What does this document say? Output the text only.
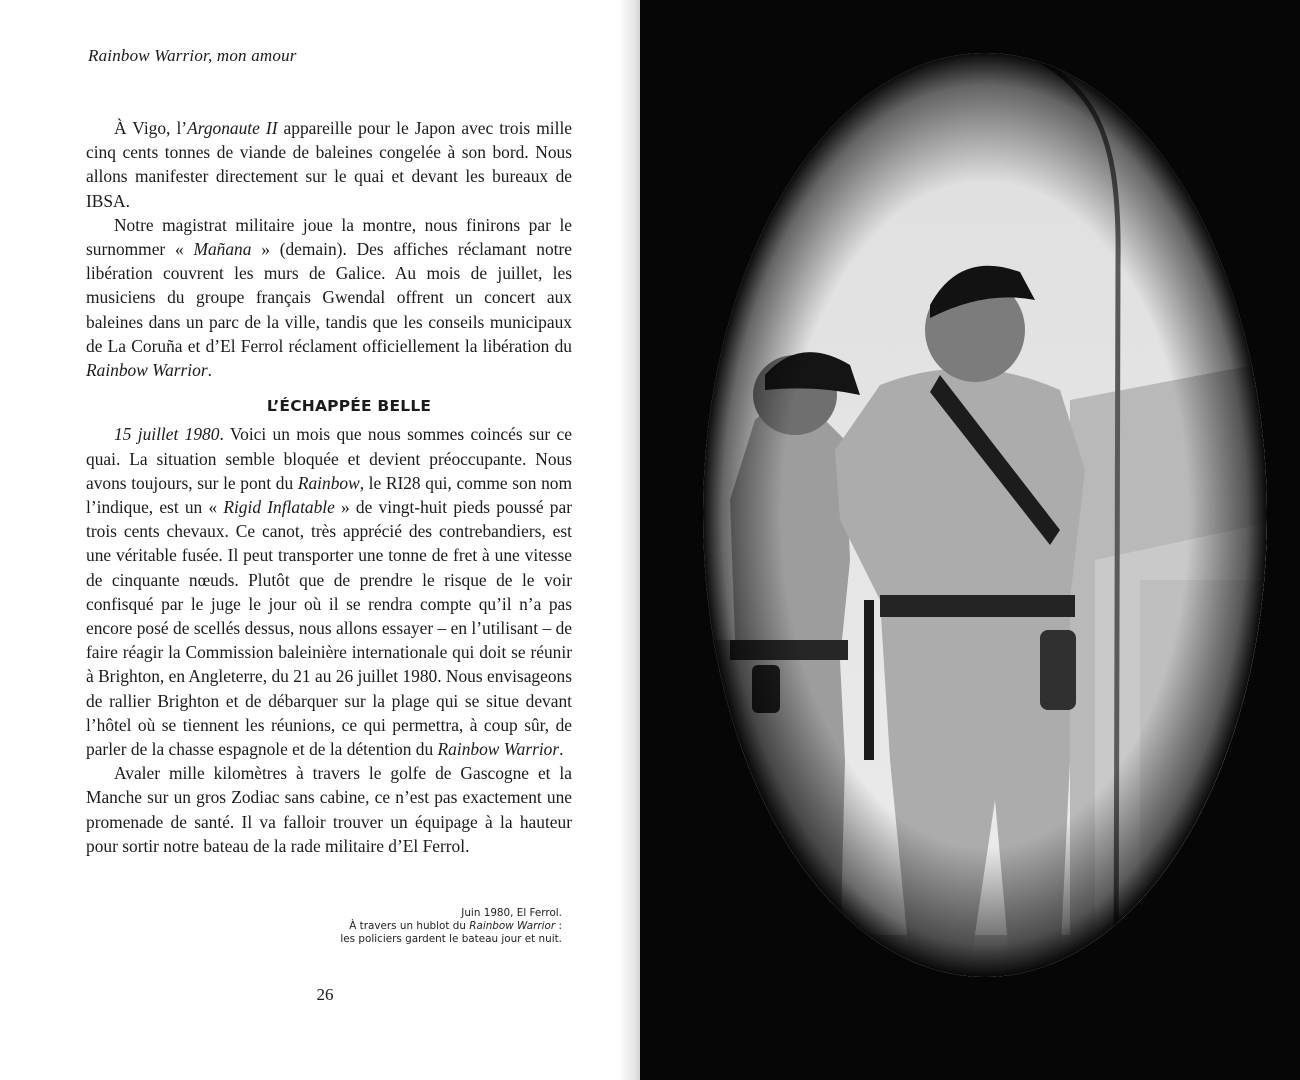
Rainbow Warrior, mon amour

À Vigo, l’Argonaute II appareille pour le Japon avec trois mille cinq cents tonnes de viande de baleines congelée à son bord. Nous allons manifester directement sur le quai et devant les bureaux de IBSA.

Notre magistrat militaire joue la montre, nous finirons par le surnommer « Mañana » (demain). Des affiches réclamant notre libération couvrent les murs de Galice. Au mois de juillet, les musiciens du groupe français Gwendal offrent un concert aux baleines dans un parc de la ville, tandis que les conseils municipaux de La Coruña et d’El Ferrol réclament officiellement la libération du Rainbow Warrior.

L’ÉCHAPPÉE BELLE

15 juillet 1980. Voici un mois que nous sommes coincés sur ce quai. La situation semble bloquée et devient préoccupante. Nous avons toujours, sur le pont du Rainbow, le RI28 qui, comme son nom l’indique, est un « Rigid Inflatable » de vingt-huit pieds poussé par trois cents chevaux. Ce canot, très apprécié des contrebandiers, est une véritable fusée. Il peut transporter une tonne de fret à une vitesse de cinquante nœuds. Plutôt que de prendre le risque de le voir confisqué par le juge le jour où il se rendra compte qu’il n’a pas encore posé de scellés dessus, nous allons essayer – en l’utilisant – de faire réagir la Commission baleinière internationale qui doit se réunir à Brighton, en Angleterre, du 21 au 26 juillet 1980. Nous envisageons de rallier Brighton et de débarquer sur la plage qui se situe devant l’hôtel où se tiennent les réunions, ce qui permettra, à coup sûr, de parler de la chasse espagnole et de la détention du Rainbow Warrior.

Avaler mille kilomètres à travers le golfe de Gascogne et la Manche sur un gros Zodiac sans cabine, ce n’est pas exactement une promenade de santé. Il va falloir trouver un équipage à la hauteur pour sortir notre bateau de la rade militaire d’El Ferrol.

Juin 1980, El Ferrol.
À travers un hublot du Rainbow Warrior :
les policiers gardent le bateau jour et nuit.
26
